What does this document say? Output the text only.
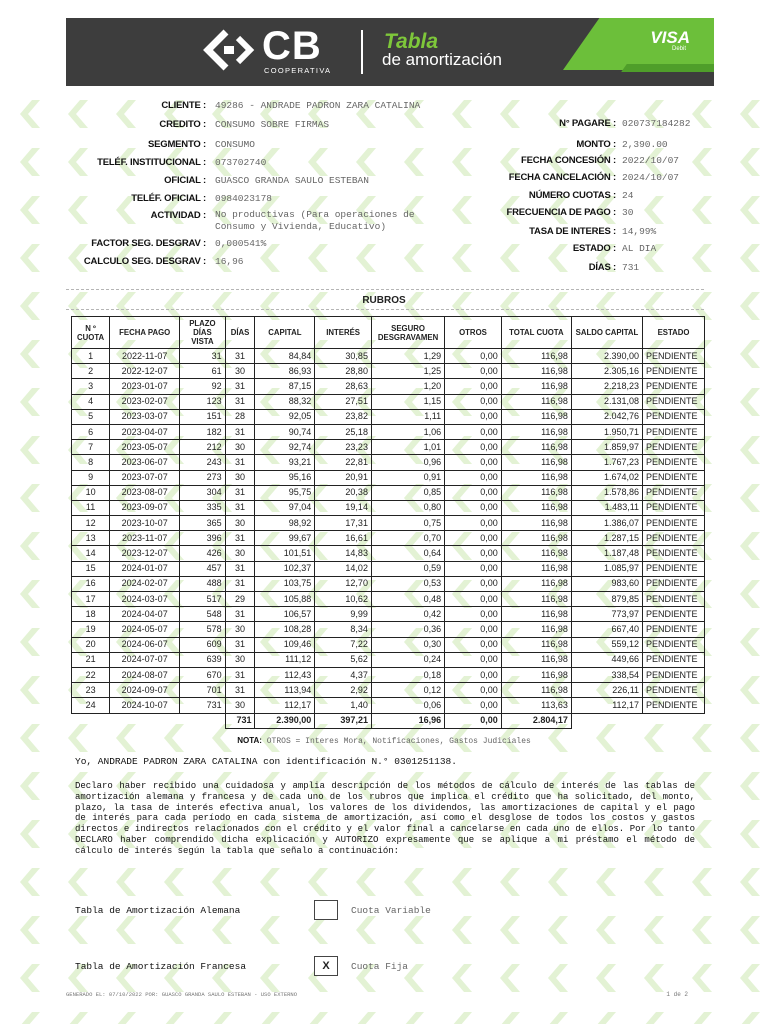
CB
COOPERATIVA
Tabla
de amortización
VISA
Debit
CLIENTE : 49286 - ANDRADE PADRON ZARA CATALINA
CREDITO : CONSUMO SOBRE FIRMAS
SEGMENTO : CONSUMO
TELÉF. INSTITUCIONAL : 073702740
OFICIAL : GUASCO GRANDA SAULO ESTEBAN
TELÉF. OFICIAL : 0984023178
ACTIVIDAD : No productivas (Para operaciones de Consumo y Vivienda, Educativo)
FACTOR SEG. DESGRAV : 0,000541%
CALCULO SEG. DESGRAV : 16,96
N° PAGARE : 020737184282
MONTO : 2,390.00
FECHA CONCESIÓN : 2022/10/07
FECHA CANCELACIÓN : 2024/10/07
NÚMERO CUOTAS : 24
FRECUENCIA DE PAGO : 30
TASA DE INTERES : 14,99%
ESTADO : AL DIA
DÍAS : 731
RUBROS
N º CUOTA	FECHA PAGO	PLAZO DÍAS VISTA	DÍAS	CAPITAL	INTERÉS	SEGURO DESGRAVAMEN	OTROS	TOTAL CUOTA	SALDO CAPITAL	ESTADO
1	2022-11-07	31	31	84,84	30,85	1,29	0,00	116,98	2.390,00	PENDIENTE
2	2022-12-07	61	30	86,93	28,80	1,25	0,00	116,98	2.305,16	PENDIENTE
3	2023-01-07	92	31	87,15	28,63	1,20	0,00	116,98	2.218,23	PENDIENTE
4	2023-02-07	123	31	88,32	27,51	1,15	0,00	116,98	2.131,08	PENDIENTE
5	2023-03-07	151	28	92,05	23,82	1,11	0,00	116,98	2.042,76	PENDIENTE
6	2023-04-07	182	31	90,74	25,18	1,06	0,00	116,98	1.950,71	PENDIENTE
7	2023-05-07	212	30	92,74	23,23	1,01	0,00	116,98	1.859,97	PENDIENTE
8	2023-06-07	243	31	93,21	22,81	0,96	0,00	116,98	1.767,23	PENDIENTE
9	2023-07-07	273	30	95,16	20,91	0,91	0,00	116,98	1.674,02	PENDIENTE
10	2023-08-07	304	31	95,75	20,38	0,85	0,00	116,98	1.578,86	PENDIENTE
11	2023-09-07	335	31	97,04	19,14	0,80	0,00	116,98	1.483,11	PENDIENTE
12	2023-10-07	365	30	98,92	17,31	0,75	0,00	116,98	1.386,07	PENDIENTE
13	2023-11-07	396	31	99,67	16,61	0,70	0,00	116,98	1.287,15	PENDIENTE
14	2023-12-07	426	30	101,51	14,83	0,64	0,00	116,98	1.187,48	PENDIENTE
15	2024-01-07	457	31	102,37	14,02	0,59	0,00	116,98	1.085,97	PENDIENTE
16	2024-02-07	488	31	103,75	12,70	0,53	0,00	116,98	983,60	PENDIENTE
17	2024-03-07	517	29	105,88	10,62	0,48	0,00	116,98	879,85	PENDIENTE
18	2024-04-07	548	31	106,57	9,99	0,42	0,00	116,98	773,97	PENDIENTE
19	2024-05-07	578	30	108,28	8,34	0,36	0,00	116,98	667,40	PENDIENTE
20	2024-06-07	609	31	109,46	7,22	0,30	0,00	116,98	559,12	PENDIENTE
21	2024-07-07	639	30	111,12	5,62	0,24	0,00	116,98	449,66	PENDIENTE
22	2024-08-07	670	31	112,43	4,37	0,18	0,00	116,98	338,54	PENDIENTE
23	2024-09-07	701	31	113,94	2,92	0,12	0,00	116,98	226,11	PENDIENTE
24	2024-10-07	731	30	112,17	1,40	0,06	0,00	113,63	112,17	PENDIENTE
			731	2.390,00	397,21	16,96	0,00	2.804,17		
NOTA: OTROS = Interes Mora, Notificaciones, Gastos Judiciales
Yo, ANDRADE PADRON ZARA CATALINA con identificación N.° 0301251138.
Declaro haber recibido una cuidadosa y amplia descripción de los métodos de cálculo de interés de las tablas de amortización alemana y francesa y de cada uno de los rubros que implica el crédito que ha solicitado, del monto, plazo, la tasa de interés efectiva anual, los valores de los dividendos, las amortizaciones de capital y el pago de interés para cada período en cada sistema de amortización, así como el desglose de todos los costos y gastos directos e indirectos relacionados con el crédito y el valor final a cancelarse en cada uno de ellos. Por lo tanto DECLARO haber comprendido dicha explicación y AUTORIZO expresamente que se aplique a mi préstamo el método de cálculo de interés según la tabla que señalo a continuación:
Tabla de Amortización Alemana	Cuota Variable
Tabla de Amortización Francesa	X	Cuota Fija
GENERADO EL: 07/10/2022 POR: GUASCO GRANDA SAULO ESTEBAN - USO EXTERNO	1 de 2
